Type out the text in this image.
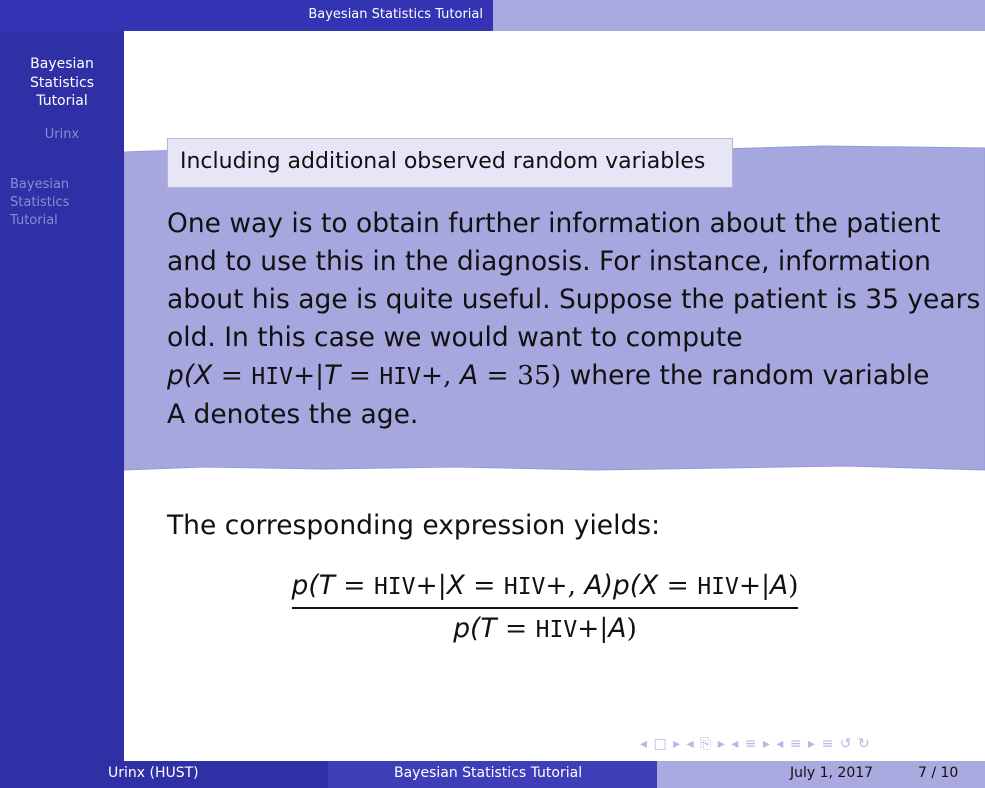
Bayesian Statistics Tutorial
Bayesian
Statistics
Tutorial
Urinx
Bayesian
Statistics
Tutorial
Including additional observed random variables
One way is to obtain further information about the patient
and to use this in the diagnosis. For instance, information
about his age is quite useful. Suppose the patient is 35 years
old. In this case we would want to compute
p(X = HIV+|T = HIV+, A = 35) where the random variable
A denotes the age.
The corresponding expression yields:
p(T = HIV+|X = HIV+, A)p(X = HIV+|A)
p(T = HIV+|A)
◂ □ ▸ ◂ ⎘ ▸ ◂ ≡ ▸ ◂ ≡ ▸ ≡ ↺ ↻
Urinx (HUST)	Bayesian Statistics Tutorial	July 1, 2017	7 / 10
